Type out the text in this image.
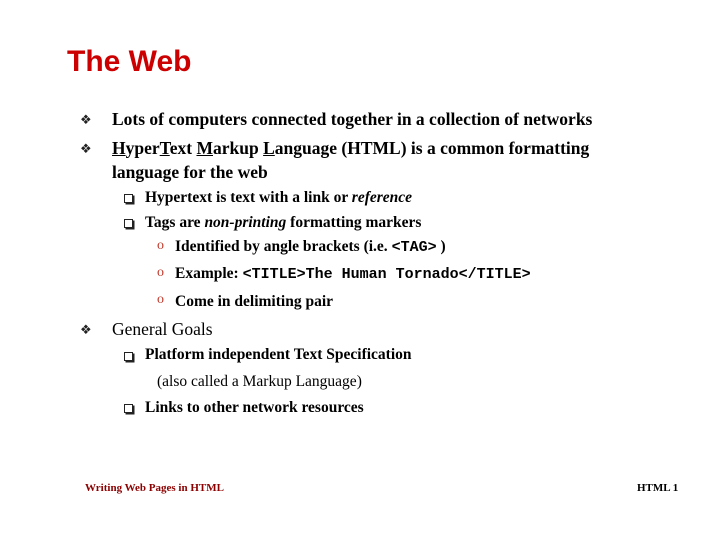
The Web
❖ Lots of computers connected together in a collection of networks
❖ HyperText Markup Language (HTML) is a common formatting
language for the web
Hypertext is text with a link or reference
Tags are non-printing formatting markers
o Identified by angle brackets (i.e. <TAG> )
o Example: <TITLE>The Human Tornado</TITLE>
o Come in delimiting pair
❖ General Goals
Platform independent Text Specification
(also called a Markup Language)
Links to other network resources
Writing Web Pages in HTML	HTML 1
